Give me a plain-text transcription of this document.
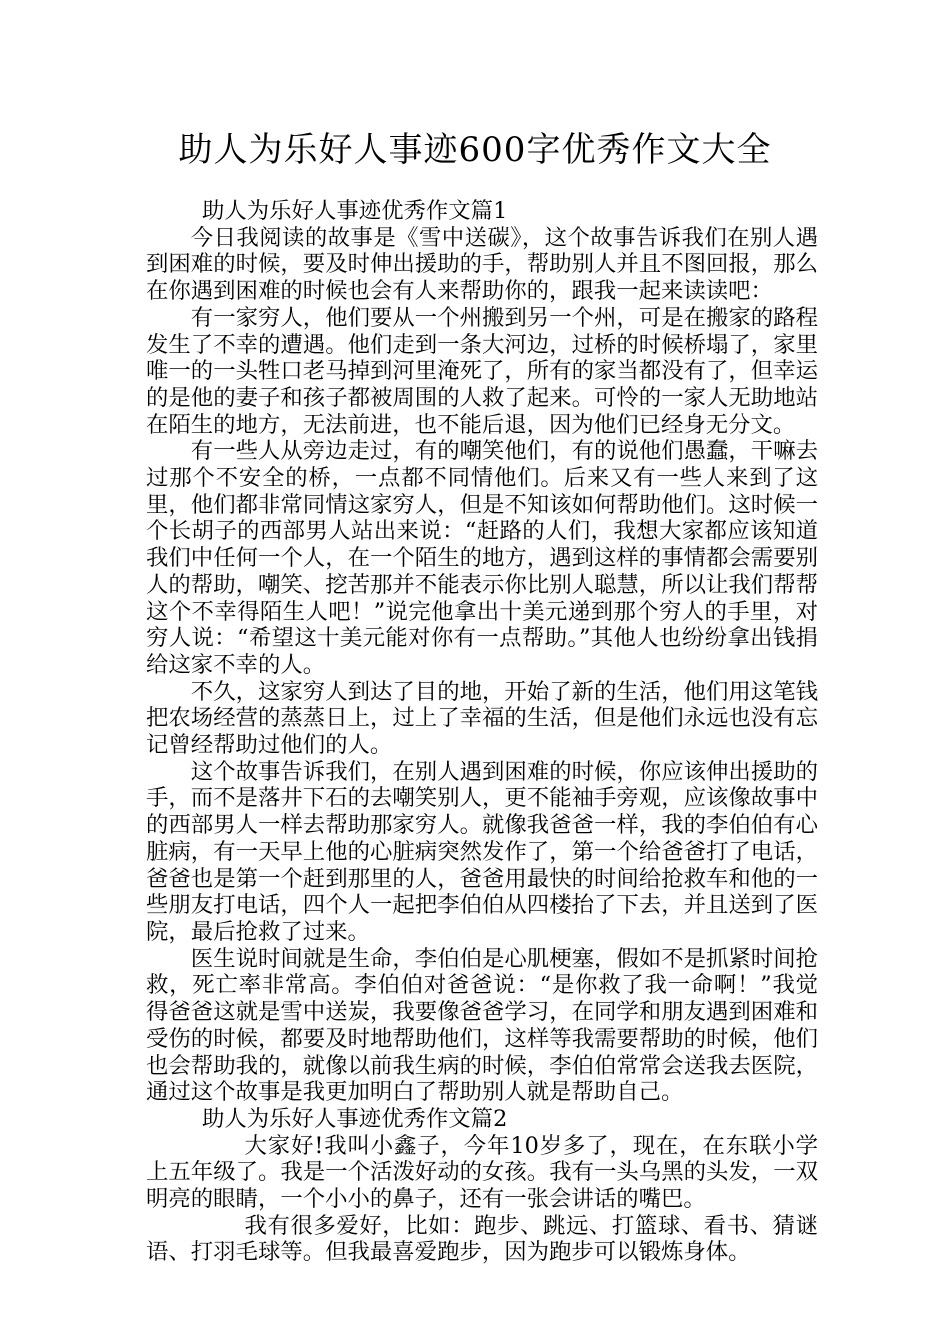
助人为乐好人事迹600字优秀作文大全

助人为乐好人事迹优秀作文篇1

今日我阅读的故事是《雪中送碳》，这个故事告诉我们在别人遇到困难的时候，要及时伸出援助的手，帮助别人并且不图回报，那么在你遇到困难的时候也会有人来帮助你的，跟我一起来读读吧：

有一家穷人，他们要从一个州搬到另一个州，可是在搬家的路程发生了不幸的遭遇。他们走到一条大河边，过桥的时候桥塌了，家里唯一的一头牲口老马掉到河里淹死了，所有的家当都没有了，但幸运的是他的妻子和孩子都被周围的人救了起来。可怜的一家人无助地站在陌生的地方，无法前进，也不能后退，因为他们已经身无分文。

有一些人从旁边走过，有的嘲笑他们，有的说他们愚蠢，干嘛去过那个不安全的桥，一点都不同情他们。后来又有一些人来到了这里，他们都非常同情这家穷人，但是不知该如何帮助他们。这时候一个长胡子的西部男人站出来说：“赶路的人们，我想大家都应该知道我们中任何一个人，在一个陌生的地方，遇到这样的事情都会需要别人的帮助，嘲笑、挖苦那并不能表示你比别人聪慧，所以让我们帮帮这个不幸得陌生人吧！”说完他拿出十美元递到那个穷人的手里，对穷人说：“希望这十美元能对你有一点帮助。”其他人也纷纷拿出钱捐给这家不幸的人。

不久，这家穷人到达了目的地，开始了新的生活，他们用这笔钱把农场经营的蒸蒸日上，过上了幸福的生活，但是他们永远也没有忘记曾经帮助过他们的人。

这个故事告诉我们，在别人遇到困难的时候，你应该伸出援助的手，而不是落井下石的去嘲笑别人，更不能袖手旁观，应该像故事中的西部男人一样去帮助那家穷人。就像我爸爸一样，我的李伯伯有心脏病，有一天早上他的心脏病突然发作了，第一个给爸爸打了电话，爸爸也是第一个赶到那里的人，爸爸用最快的时间给抢救车和他的一些朋友打电话，四个人一起把李伯伯从四楼抬了下去，并且送到了医院，最后抢救了过来。

医生说时间就是生命，李伯伯是心肌梗塞，假如不是抓紧时间抢救，死亡率非常高。李伯伯对爸爸说：“是你救了我一命啊！”我觉得爸爸这就是雪中送炭，我要像爸爸学习，在同学和朋友遇到困难和受伤的时候，都要及时地帮助他们，这样等我需要帮助的时候，他们也会帮助我的，就像以前我生病的时候，李伯伯常常会送我去医院，通过这个故事是我更加明白了帮助别人就是帮助自己。

助人为乐好人事迹优秀作文篇2

大家好!我叫小鑫子，今年10岁多了，现在，在东联小学上五年级了。我是一个活泼好动的女孩。我有一头乌黑的头发，一双明亮的眼睛，一个小小的鼻子，还有一张会讲话的嘴巴。

我有很多爱好，比如：跑步、跳远、打篮球、看书、猜谜语、打羽毛球等。但我最喜爱跑步，因为跑步可以锻炼身体。
